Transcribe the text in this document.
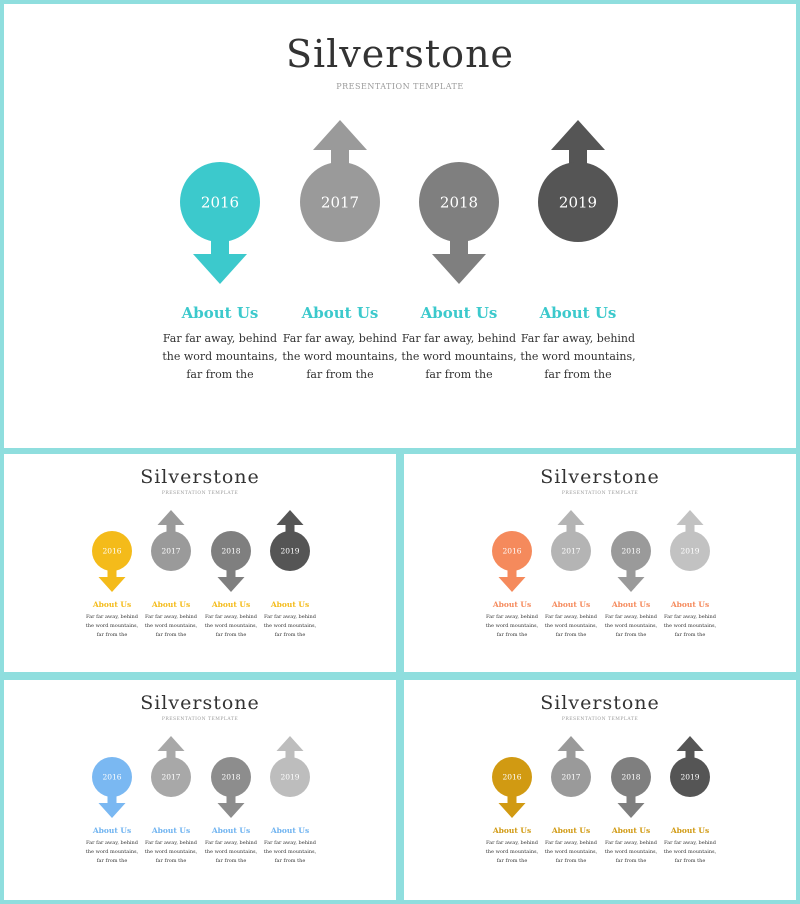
Silverstone
PRESENTATION TEMPLATE
2016
About Us
Far far away, behind
the word mountains,
far from the
2017
About Us
Far far away, behind
the word mountains,
far from the
2018
About Us
Far far away, behind
the word mountains,
far from the
2019
About Us
Far far away, behind
the word mountains,
far from the
Silverstone
PRESENTATION TEMPLATE
2016
About Us
Far far away, behind
the word mountains,
far from the
2017
About Us
Far far away, behind
the word mountains,
far from the
2018
About Us
Far far away, behind
the word mountains,
far from the
2019
About Us
Far far away, behind
the word mountains,
far from the
Silverstone
PRESENTATION TEMPLATE
2016
About Us
Far far away, behind
the word mountains,
far from the
2017
About Us
Far far away, behind
the word mountains,
far from the
2018
About Us
Far far away, behind
the word mountains,
far from the
2019
About Us
Far far away, behind
the word mountains,
far from the
Silverstone
PRESENTATION TEMPLATE
2016
About Us
Far far away, behind
the word mountains,
far from the
2017
About Us
Far far away, behind
the word mountains,
far from the
2018
About Us
Far far away, behind
the word mountains,
far from the
2019
About Us
Far far away, behind
the word mountains,
far from the
Silverstone
PRESENTATION TEMPLATE
2016
About Us
Far far away, behind
the word mountains,
far from the
2017
About Us
Far far away, behind
the word mountains,
far from the
2018
About Us
Far far away, behind
the word mountains,
far from the
2019
About Us
Far far away, behind
the word mountains,
far from the
